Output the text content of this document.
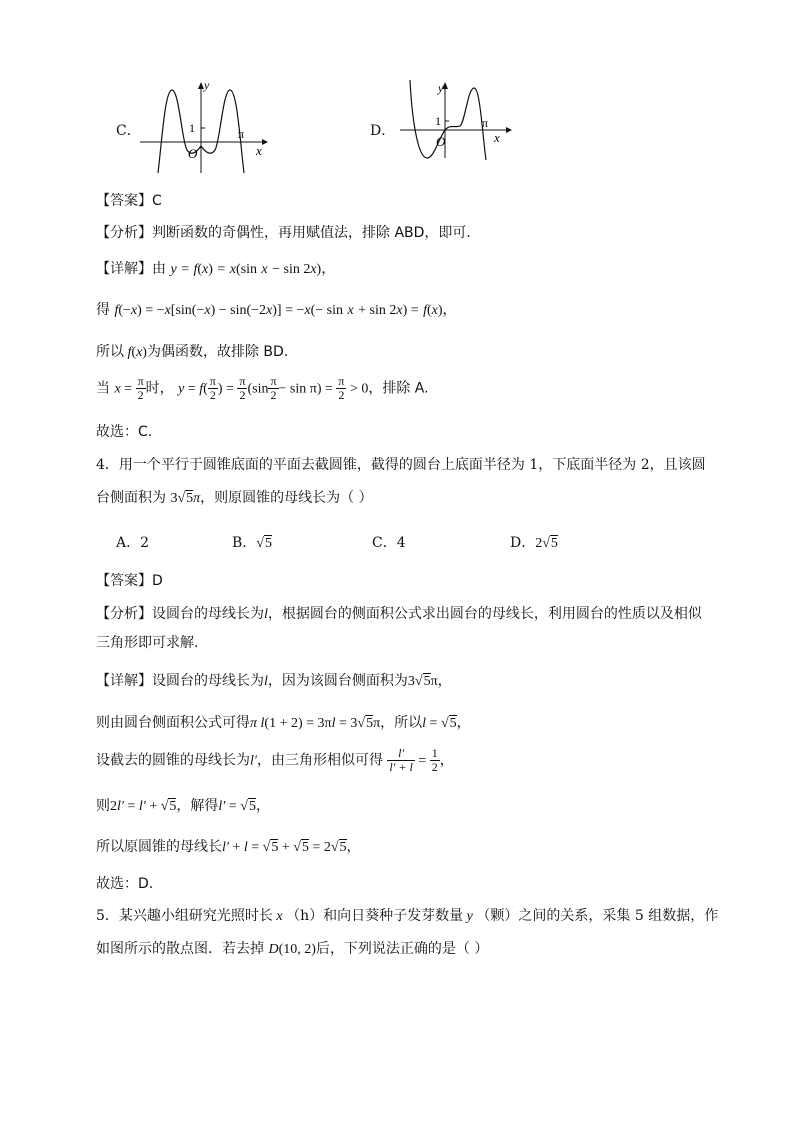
C．	1
y
x
O
π	D．
1
y
x
O
π
【答案】C
【分析】判断函数的奇偶性，再用赋值法，排除 ABD，即可.
【详解】由 y = f(x) = x(sin x − sin 2x)，
得 f(−x) = −x[sin(−x) − sin(−2x)] = −x(− sin x + sin 2x) = f(x)，
所以 f(x)为偶函数，故排除 BD.
当 $x = \frac{\pi}{2}$ 时， $y = f( \frac{\pi}{2}$ ) = $\frac{\pi}{2} (\sin \frac{\pi}{2} - \sin \pi) = \frac{\pi}{2} > 0$，排除 A.
故选：C.
4．用一个平行于圆锥底面的平面去截圆锥，截得的圆台上底面半径为 1，下底面半径为 2，且该圆
台侧面积为 3√5π，则原圆锥的母线长为（ ）
A．2	B．√5	C．4	D．2√5
【答案】D
【分析】设圆台的母线长为l，根据圆台的侧面积公式求出圆台的母线长，利用圆台的性质以及相似
三角形即可求解.
【详解】设圆台的母线长为l，因为该圆台侧面积为3√5π，
则由圆台侧面积公式可得π l(1 + 2) = 3πl = 3√5π，所以l = √5，
设截去的圆锥的母线长为l′，由三角形相似可得 $\frac{l'}{l' + l} = \frac{1}{2}$ ，
则2l′ = l′ + √5，解得l′ = √5，
所以原圆锥的母线长l′ + l = √5 + √5 = 2√5，
故选：D.
5．某兴趣小组研究光照时长 x （h）和向日葵种子发芽数量 y （颗）之间的关系，采集 5 组数据，作
如图所示的散点图．若去掉 D(10, 2)后，下列说法正确的是（ ）
